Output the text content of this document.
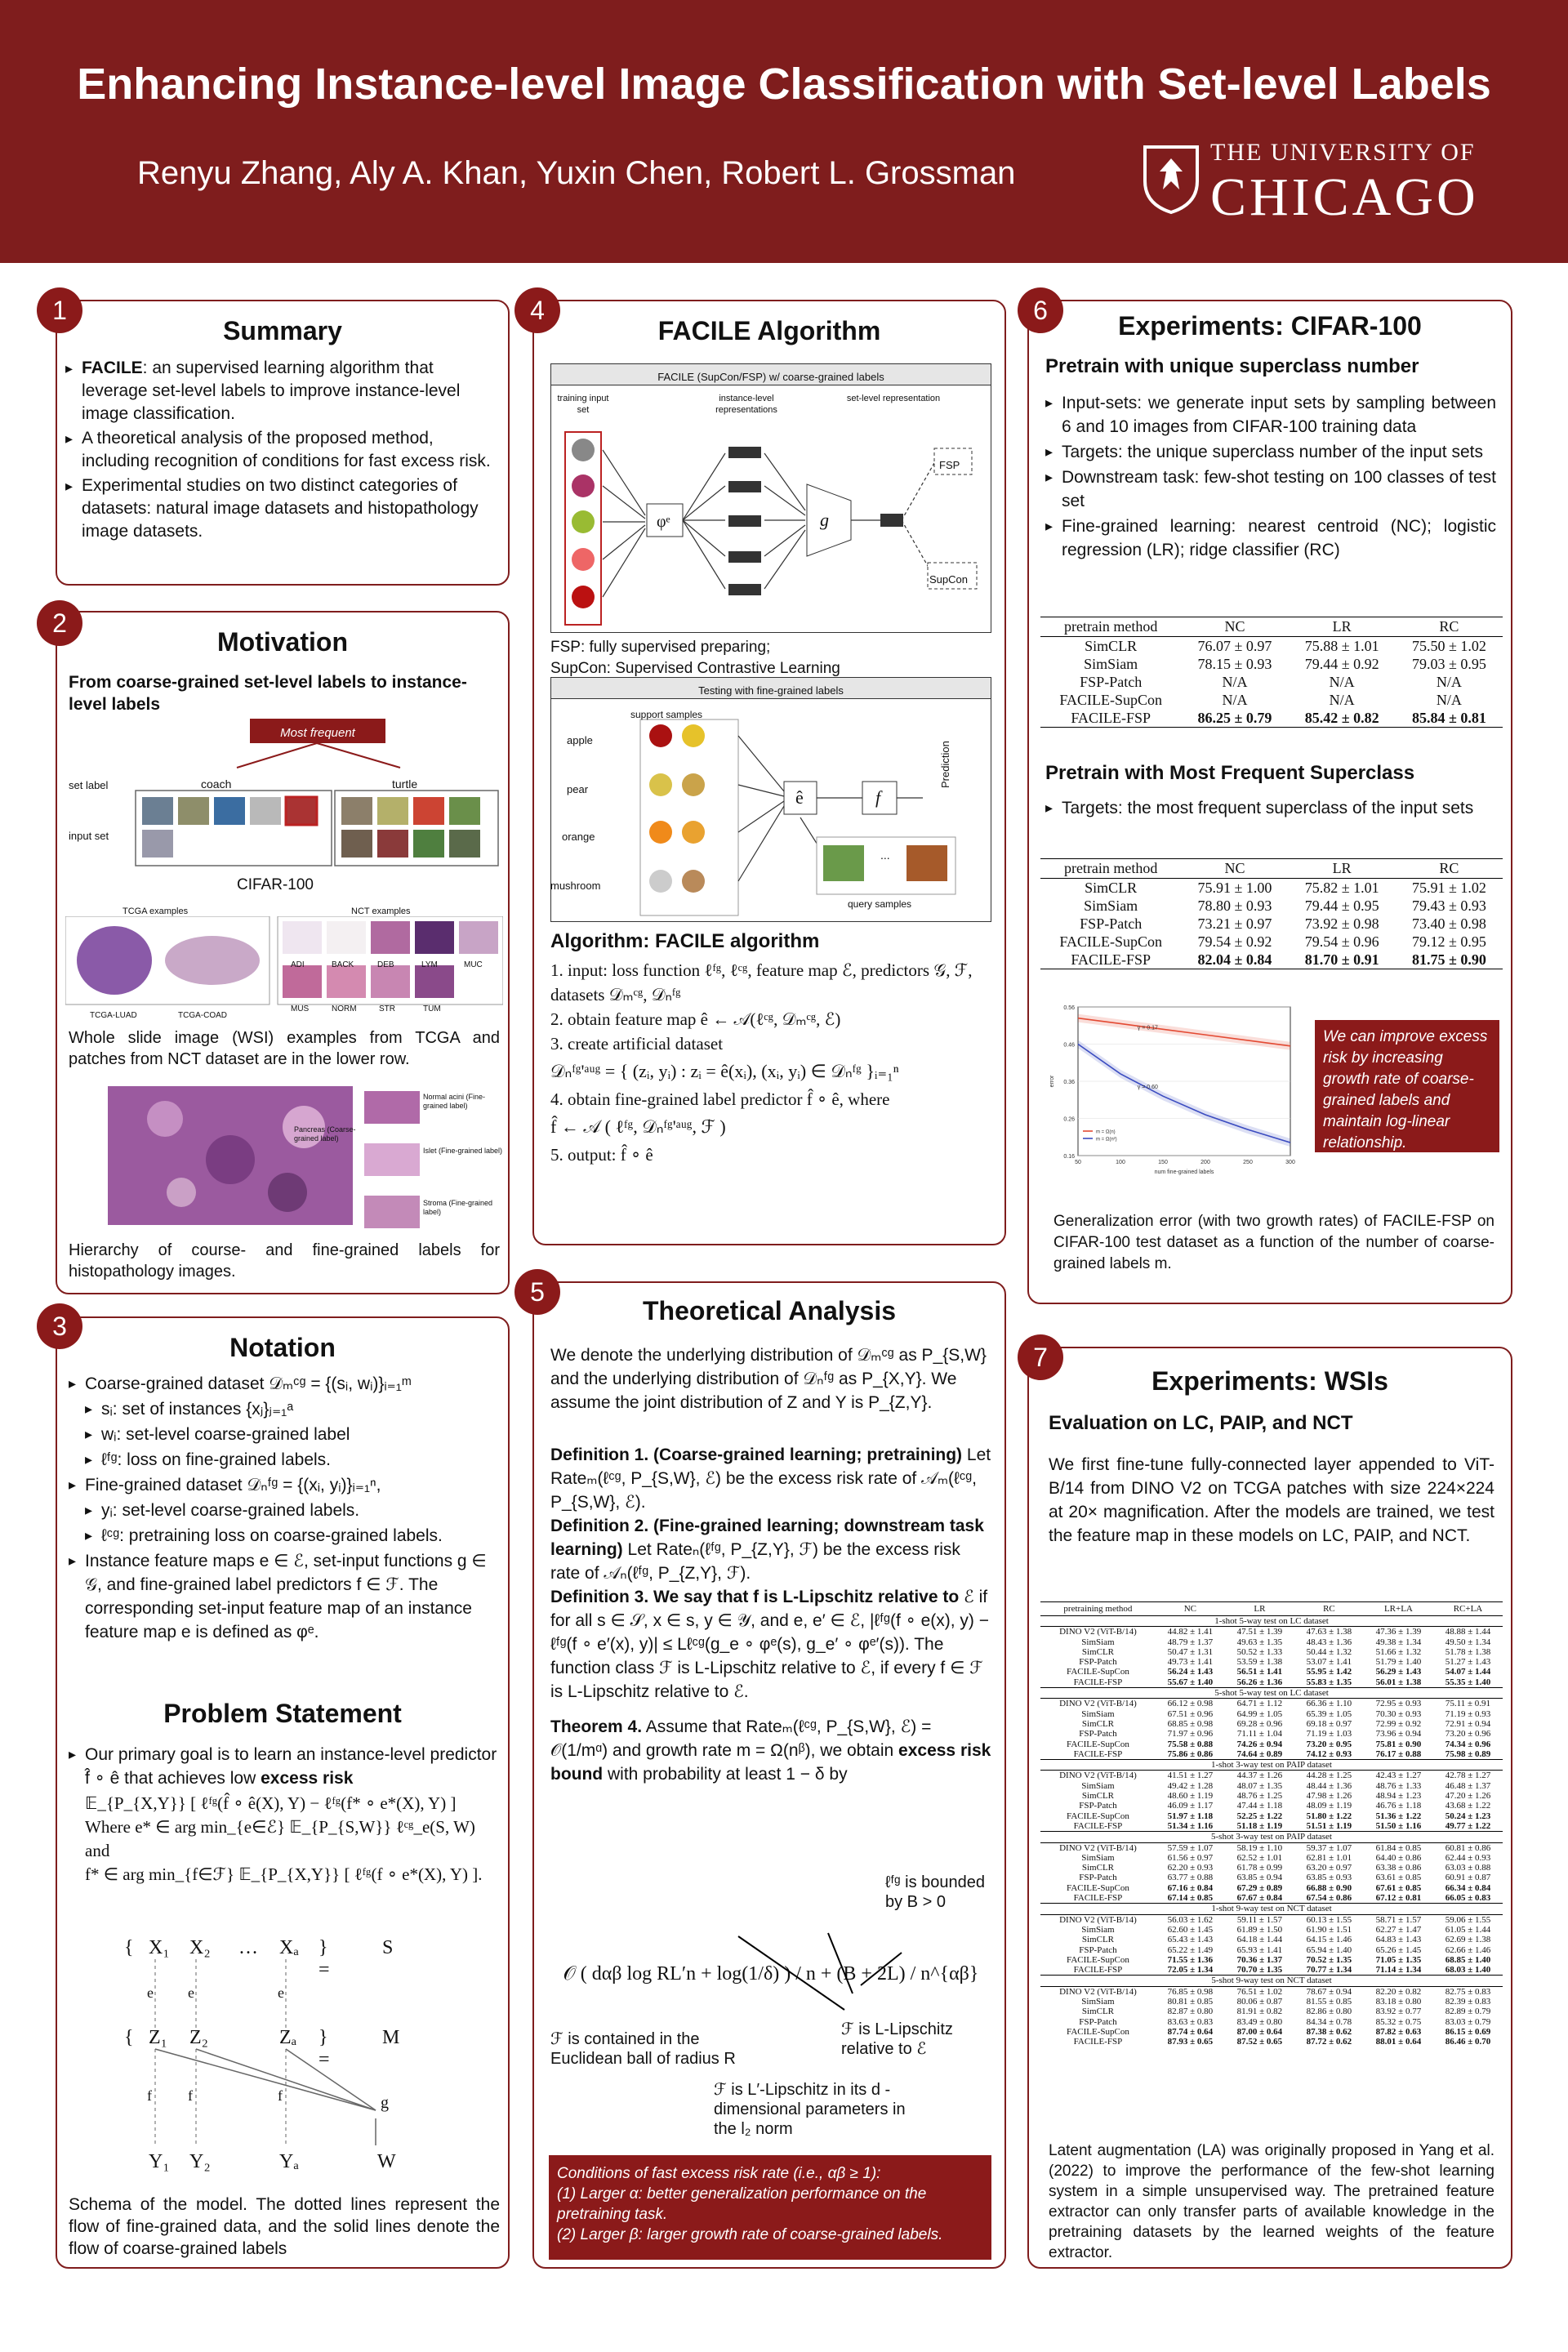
Enhancing Instance-level Image Classification with Set-level Labels
Renyu Zhang, Aly A. Khan, Yuxin Chen, Robert L. Grossman
THE UNIVERSITY OF
CHICAGO
Summary
▸ FACILE: an supervised learning algorithm that leverage set-level labels to improve instance-level image classification.
▸ A theoretical analysis of the proposed method, including recognition of conditions for fast excess risk.
▸ Experimental studies on two distinct categories of datasets: natural image datasets and histopathology image datasets.
1
Motivation
From coarse-grained set-level labels to instance-level labels
Most frequent superclass
set label	coach	turtle
input set
CIFAR-100
TCGA examples	NCT examples
TCGA-LUAD	TCGA-COAD
ADI	BACK	DEB	LYM	MUC
MUS	NORM	STR	TUM
Whole slide image (WSI) examples from TCGA and patches from NCT dataset are in the lower row.
Normal acini (Fine-grained label)
Pancreas (Coarse-grained label)
Islet (Fine-grained label)
Stroma (Fine-grained label)
Hierarchy of course- and fine-grained labels for histopathology images.
2
Notation
▸ Coarse-grained dataset 𝒟ₘᶜᵍ = {(sᵢ, wᵢ)}ᵢ₌₁ᵐ
▸ sᵢ: set of instances {xⱼ}ⱼ₌₁ᵃ
▸ wᵢ: set-level coarse-grained label
▸ ℓᶠᵍ: loss on fine-grained labels.
▸ Fine-grained dataset 𝒟ₙᶠᵍ = {(xᵢ, yᵢ)}ᵢ₌₁ⁿ,
▸ yᵢ: set-level coarse-grained labels.
▸ ℓᶜᵍ: pretraining loss on coarse-grained labels.
▸ Instance feature maps e ∈ ℰ, set-input functions g ∈ 𝒢, and fine-grained label predictors f ∈ ℱ. The corresponding set-input feature map of an instance feature map e is defined as φᵉ.
Problem Statement
▸ Our primary goal is to learn an instance-level predictor f̂ ∘ ê that achieves low excess risk
𝔼_{P_{X,Y}} [ ℓᶠᵍ(f̂ ∘ ê(X), Y) − ℓᶠᵍ(f* ∘ e*(X), Y) ]
Where e* ∈ arg min_{e∈ℰ} 𝔼_{P_{S,W}} ℓᶜᵍ_e(S, W) and
f* ∈ arg min_{f∈ℱ} 𝔼_{P_{X,Y}} [ ℓᶠᵍ(f ∘ e*(X), Y) ].
{ X₁ X₂ … Xₐ } =
S
e e	e
{ Z₁ Z₂	Zₐ } =
M
f f	f	g
Y₁ Y₂	Yₐ	W
Schema of the model. The dotted lines represent the flow of fine-grained data, and the solid lines denote the flow of coarse-grained labels
3
FACILE Algorithm
FACILE (SupCon/FSP) w/ coarse-grained labels
training input set
instance-level representations
set-level representation
φᵉ	g
FSP
SupCon
FSP: fully supervised preparing;
SupCon: Supervised Contrastive Learning
Testing with fine-grained labels
support samples
apple
pear
orange
mushroom
ê	f
Prediction
...
query samples
Algorithm: FACILE algorithm
1. input: loss function ℓᶠᵍ, ℓᶜᵍ, feature map ℰ, predictors 𝒢, ℱ, datasets 𝒟ₘᶜᵍ, 𝒟ₙᶠᵍ
2. obtain feature map ê ← 𝒜(ℓᶜᵍ, 𝒟ₘᶜᵍ, ℰ)
3. create artificial dataset
𝒟ₙᶠᵍ'ᵃᵘᵍ = { (zᵢ, yᵢ) : zᵢ = ê(xᵢ), (xᵢ, yᵢ) ∈ 𝒟ₙᶠᵍ }ᵢ₌₁ⁿ
4. obtain fine-grained label predictor f̂ ∘ ê, where
f̂ ← 𝒜 ( ℓᶠᵍ, 𝒟ₙᶠᵍ'ᵃᵘᵍ, ℱ )
5. output: f̂ ∘ ê
4
Theoretical Analysis
We denote the underlying distribution of 𝒟ₘᶜᵍ as P_{S,W} and the underlying distribution of 𝒟ₙᶠᵍ as P_{X,Y}. We assume the joint distribution of Z and Y is P_{Z,Y}.
Definition 1. (Coarse-grained learning; pretraining) Let Rateₘ(ℓᶜᵍ, P_{S,W}, ℰ) be the excess risk rate of 𝒜ₘ(ℓᶜᵍ, P_{S,W}, ℰ).
Definition 2. (Fine-grained learning; downstream task learning) Let Rateₙ(ℓᶠᵍ, P_{Z,Y}, ℱ) be the excess risk rate of 𝒜ₙ(ℓᶠᵍ, P_{Z,Y}, ℱ).
Definition 3. We say that f is L-Lipschitz relative to ℰ if for all s ∈ 𝒮, x ∈ s, y ∈ 𝒴, and e, e′ ∈ ℰ, |ℓᶠᵍ(f ∘ e(x), y) − ℓᶠᵍ(f ∘ e′(x), y)| ≤ Lℓᶜᵍ(g_e ∘ φᵉ(s), g_e′ ∘ φᵉ′(s)). The function class ℱ is L-Lipschitz relative to ℰ, if every f ∈ ℱ is L-Lipschitz relative to ℰ.
Theorem 4. Assume that Rateₘ(ℓᶜᵍ, P_{S,W}, ℰ) = 𝒪(1/mᵅ) and growth rate m = Ω(nᵝ), we obtain excess risk bound with probability at least 1 − δ by
𝒪 ( dαβ log RL′n + log(1/δ) ) / n + (B + 2L) / n^{αβ}
ℓᶠᵍ is bounded by B > 0
ℱ is contained in the Euclidean ball of radius R
ℱ is L-Lipschitz relative to ℰ
ℱ is L′-Lipschitz in its d -dimensional parameters in the l₂ norm
Conditions of fast excess risk rate (i.e., αβ ≥ 1):
(1) Larger α: better generalization performance on the pretraining task.
(2) Larger β: larger growth rate of coarse-grained labels.
5
Experiments: CIFAR-100
Pretrain with unique superclass number
▸ Input-sets: we generate input sets by sampling between 6 and 10 images from CIFAR-100 training data
▸ Targets: the unique superclass number of the input sets
▸ Downstream task: few-shot testing on 100 classes of test set
▸ Fine-grained learning: nearest centroid (NC); logistic regression (LR); ridge classifier (RC)
pretrain method	NC	LR	RC
SimCLR	76.07 ± 0.97	75.88 ± 1.01	75.50 ± 1.02
SimSiam	78.15 ± 0.93	79.44 ± 0.92	79.03 ± 0.95
FSP-Patch	N/A	N/A	N/A
FACILE-SupCon	N/A	N/A	N/A
FACILE-FSP	86.25 ± 0.79	85.42 ± 0.82	85.84 ± 0.81
Pretrain with Most Frequent Superclass
▸ Targets: the most frequent superclass of the input sets
pretrain method	NC	LR	RC
SimCLR	75.91 ± 1.00	75.82 ± 1.01	75.91 ± 1.02
SimSiam	78.80 ± 0.93	79.44 ± 0.95	79.43 ± 0.93
FSP-Patch	73.21 ± 0.97	73.92 ± 0.98	73.40 ± 0.98
FACILE-SupCon	79.54 ± 0.92	79.54 ± 0.96	79.12 ± 0.95
FACILE-FSP	82.04 ± 0.84	81.70 ± 0.91	81.75 ± 0.90
0.16
0.26
0.36
0.46
0.56
50	100	150	200	250	300
m = Ω(n)
m = Ω(n²)
γ = 0.17
γ = 0.60
num fine-grained labels
error
We can improve excess risk by increasing growth rate of coarse-grained labels and maintain log-linear relationship.
Generalization error (with two growth rates) of FACILE-FSP on CIFAR-100 test dataset as a function of the number of coarse-grained labels m.
6
Experiments: WSIs
Evaluation on LC, PAIP, and NCT
We first fine-tune fully-connected layer appended to ViT-B/14 from DINO V2 on TCGA patches with size 224×224 at 20× magnification. After the models are trained, we test the feature map in these models on LC, PAIP, and NCT.
pretraining method	NC	LR	RC	LR+LA	RC+LA
1-shot 5-way test on LC dataset					
DINO V2 (ViT-B/14)	44.82 ± 1.41	47.51 ± 1.39	47.63 ± 1.38	47.36 ± 1.39	48.88 ± 1.44
SimSiam	48.79 ± 1.37	49.63 ± 1.35	48.43 ± 1.36	49.38 ± 1.34	49.50 ± 1.34
SimCLR	50.47 ± 1.31	50.52 ± 1.33	50.44 ± 1.32	51.66 ± 1.32	51.78 ± 1.38
FSP-Patch	49.73 ± 1.41	53.59 ± 1.38	53.07 ± 1.41	51.79 ± 1.40	51.27 ± 1.43
FACILE-SupCon	56.24 ± 1.43	56.51 ± 1.41	55.95 ± 1.42	56.29 ± 1.43	54.07 ± 1.44
FACILE-FSP	55.67 ± 1.40	56.26 ± 1.36	55.83 ± 1.35	56.01 ± 1.38	55.35 ± 1.40
5-shot 5-way test on LC dataset					
DINO V2 (ViT-B/14)	66.12 ± 0.98	64.71 ± 1.12	66.36 ± 1.10	72.95 ± 0.93	75.11 ± 0.91
SimSiam	67.51 ± 0.96	64.99 ± 1.05	65.39 ± 1.05	70.30 ± 0.93	71.19 ± 0.93
SimCLR	68.85 ± 0.98	69.28 ± 0.96	69.18 ± 0.97	72.99 ± 0.92	72.91 ± 0.94
FSP-Patch	71.97 ± 0.96	71.11 ± 1.04	71.19 ± 1.03	73.96 ± 0.94	73.20 ± 0.96
FACILE-SupCon	75.58 ± 0.88	74.26 ± 0.94	73.20 ± 0.95	75.81 ± 0.90	74.34 ± 0.96
FACILE-FSP	75.86 ± 0.86	74.64 ± 0.89	74.12 ± 0.93	76.17 ± 0.88	75.98 ± 0.89
1-shot 3-way test on PAIP dataset					
DINO V2 (ViT-B/14)	41.51 ± 1.27	44.37 ± 1.26	44.28 ± 1.25	42.43 ± 1.27	42.78 ± 1.27
SimSiam	49.42 ± 1.28	48.07 ± 1.35	48.44 ± 1.36	48.76 ± 1.33	46.48 ± 1.37
SimCLR	48.60 ± 1.19	48.76 ± 1.25	47.98 ± 1.26	48.94 ± 1.23	47.20 ± 1.26
FSP-Patch	46.09 ± 1.17	47.44 ± 1.18	48.09 ± 1.19	46.76 ± 1.18	43.68 ± 1.22
FACILE-SupCon	51.97 ± 1.18	52.25 ± 1.22	51.80 ± 1.22	51.36 ± 1.22	50.24 ± 1.23
FACILE-FSP	51.34 ± 1.16	51.18 ± 1.19	51.51 ± 1.19	51.50 ± 1.16	49.77 ± 1.22
5-shot 3-way test on PAIP dataset					
DINO V2 (ViT-B/14)	57.59 ± 1.07	58.19 ± 1.10	59.37 ± 1.07	61.84 ± 0.85	60.81 ± 0.86
SimSiam	61.56 ± 0.97	62.52 ± 1.01	62.81 ± 1.01	64.40 ± 0.86	62.44 ± 0.93
SimCLR	62.20 ± 0.93	61.78 ± 0.99	63.20 ± 0.97	63.38 ± 0.86	63.03 ± 0.88
FSP-Patch	63.77 ± 0.88	63.85 ± 0.94	63.85 ± 0.93	63.61 ± 0.85	60.91 ± 0.87
FACILE-SupCon	67.16 ± 0.84	67.29 ± 0.89	66.88 ± 0.90	67.61 ± 0.85	66.34 ± 0.84
FACILE-FSP	67.14 ± 0.85	67.67 ± 0.84	67.54 ± 0.86	67.12 ± 0.81	66.05 ± 0.83
1-shot 9-way test on NCT dataset					
DINO V2 (ViT-B/14)	56.03 ± 1.62	59.11 ± 1.57	60.13 ± 1.55	58.71 ± 1.57	59.06 ± 1.55
SimSiam	62.60 ± 1.45	61.89 ± 1.50	61.90 ± 1.51	62.27 ± 1.47	61.05 ± 1.44
SimCLR	65.43 ± 1.43	64.18 ± 1.44	64.15 ± 1.46	64.83 ± 1.43	62.69 ± 1.38
FSP-Patch	65.22 ± 1.49	65.93 ± 1.41	65.94 ± 1.40	65.26 ± 1.45	62.66 ± 1.46
FACILE-SupCon	71.55 ± 1.36	70.36 ± 1.37	70.52 ± 1.35	71.05 ± 1.35	68.85 ± 1.40
FACILE-FSP	72.05 ± 1.34	70.70 ± 1.35	70.77 ± 1.34	71.14 ± 1.34	68.03 ± 1.40
5-shot 9-way test on NCT dataset					
DINO V2 (ViT-B/14)	76.85 ± 0.98	76.51 ± 1.02	78.67 ± 0.94	82.20 ± 0.82	82.75 ± 0.83
SimSiam	80.81 ± 0.85	80.06 ± 0.87	81.55 ± 0.85	83.18 ± 0.80	82.39 ± 0.83
SimCLR	82.87 ± 0.80	81.91 ± 0.82	82.86 ± 0.80	83.92 ± 0.77	82.89 ± 0.79
FSP-Patch	83.63 ± 0.83	83.49 ± 0.80	84.34 ± 0.78	85.32 ± 0.75	83.03 ± 0.79
FACILE-SupCon	87.74 ± 0.64	87.00 ± 0.64	87.38 ± 0.62	87.82 ± 0.63	86.15 ± 0.69
FACILE-FSP	87.93 ± 0.65	87.52 ± 0.65	87.72 ± 0.62	88.01 ± 0.64	86.46 ± 0.70
Latent augmentation (LA) was originally proposed in Yang et al. (2022) to improve the performance of the few-shot learning system in a simple unsupervised way. The pretrained feature extractor can only transfer parts of available knowledge in the pretraining datasets by the learned weights of the feature extractor.
7
